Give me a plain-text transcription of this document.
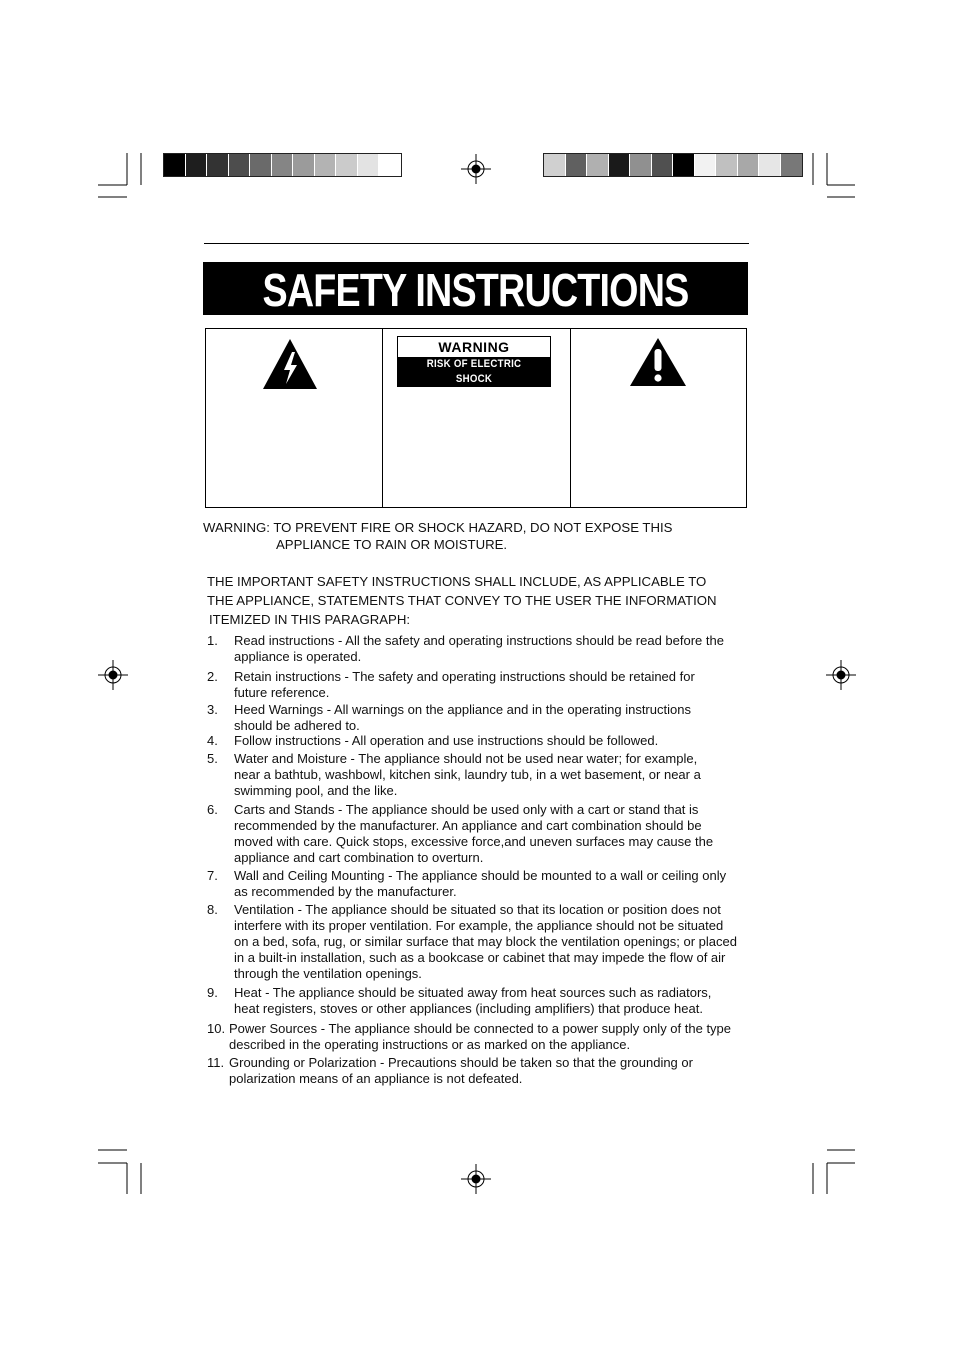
SAFETY INSTRUCTIONS
WARNING
RISK OF ELECTRIC SHOCK
DO NOT OPEN
WARNING: TO PREVENT FIRE OR SHOCK HAZARD, DO NOT EXPOSE THIS
APPLIANCE TO RAIN OR MOISTURE.
THE IMPORTANT SAFETY INSTRUCTIONS SHALL INCLUDE, AS APPLICABLE TO
THE APPLIANCE, STATEMENTS THAT CONVEY TO THE USER THE INFORMATION
ITEMIZED IN THIS PARAGRAPH:
1. Read instructions - All the safety and operating instructions should be read before the
appliance is operated.
2. Retain instructions - The safety and operating instructions should be retained for
future reference.
3. Heed Warnings - All warnings on the appliance and in the operating instructions
should be adhered to.
4. Follow instructions - All operation and use instructions should be followed.
5. Water and Moisture - The appliance should not be used near water; for example,
near a bathtub, washbowl, kitchen sink, laundry tub, in a wet basement, or near a
swimming pool, and the like.
6. Carts and Stands - The appliance should be used only with a cart or stand that is
recommended by the manufacturer. An appliance and cart combination should be
moved with care. Quick stops, excessive force,and uneven surfaces may cause the
appliance and cart combination to overturn.
7. Wall and Ceiling Mounting - The appliance should be mounted to a wall or ceiling only
as recommended by the manufacturer.
8. Ventilation - The appliance should be situated so that its location or position does not
interfere with its proper ventilation. For example, the appliance should not be situated
on a bed, sofa, rug, or similar surface that may block the ventilation openings; or placed
in a built-in installation, such as a bookcase or cabinet that may impede the flow of air
through the ventilation openings.
9. Heat - The appliance should be situated away from heat sources such as radiators,
heat registers, stoves or other appliances (including amplifiers) that produce heat.
10. Power Sources - The appliance should be connected to a power supply only of the type
described in the operating instructions or as marked on the appliance.
11. Grounding or Polarization - Precautions should be taken so that the grounding or
polarization means of an appliance is not defeated.
